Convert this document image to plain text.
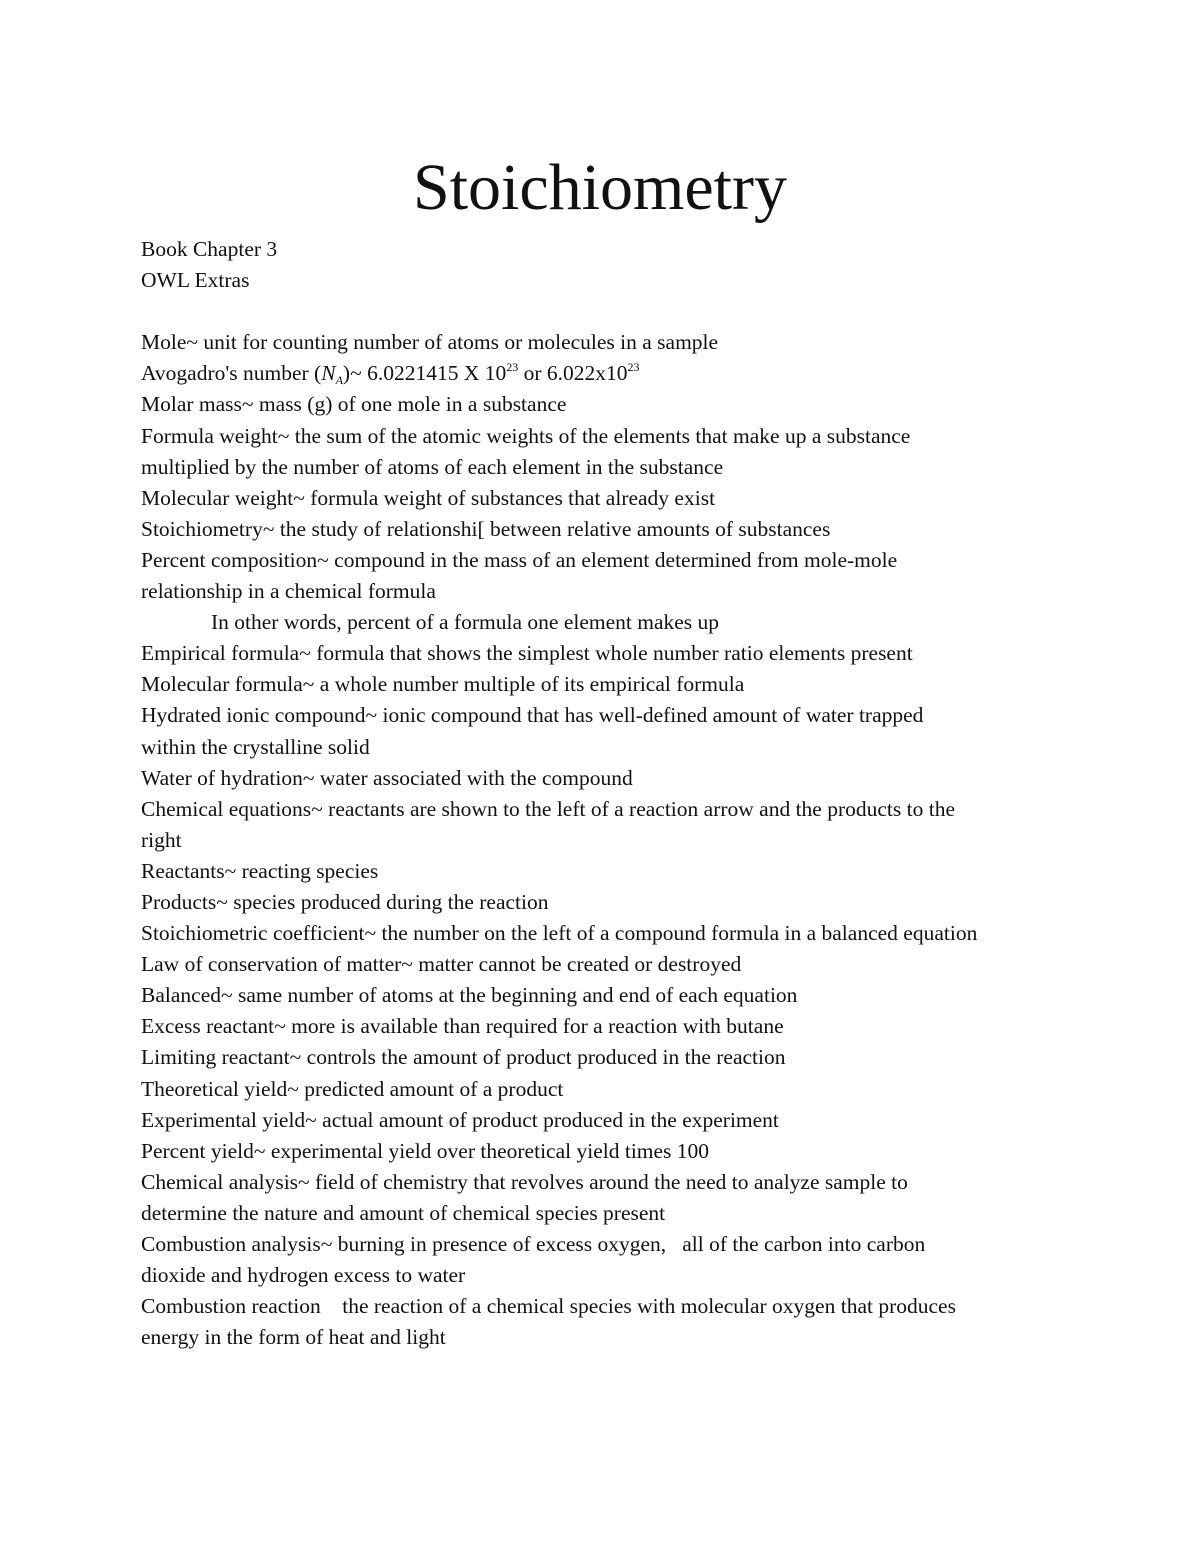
Stoichiometry

Book Chapter 3

OWL Extras

Mole~ unit for counting number of atoms or molecules in a sample

Avogadro's number $(N_A)\sim$ 6.0221415 X $10^{23}$ or $6.022x10^{23}$

Molar mass~ mass (g) of one mole in a substance

Formula weight~ the sum of the atomic weights of the elements that make up a substance

multiplied by the number of atoms of each element in the substance

Molecular weight~ formula weight of substances that already exist

Stoichiometry~ the study of relationshi[ between relative amounts of substances

Percent composition~ compound in the mass of an element determined from mole-mole

relationship in a chemical formula

In other words, percent of a formula one element makes up

Empirical formula~ formula that shows the simplest whole number ratio elements present

Molecular formula~ a whole number multiple of its empirical formula

Hydrated ionic compound~ ionic compound that has well-defined amount of water trapped

within the crystalline solid

Water of hydration~ water associated with the compound

Chemical equations~ reactants are shown to the left of a reaction arrow and the products to the

right

Reactants~ reacting species

Products~ species produced during the reaction

Stoichiometric coefficient~ the number on the left of a compound formula in a balanced equation

Law of conservation of matter~ matter cannot be created or destroyed

Balanced~ same number of atoms at the beginning and end of each equation

Excess reactant~ more is available than required for a reaction with butane

Limiting reactant~ controls the amount of product produced in the reaction

Theoretical yield~ predicted amount of a product

Experimental yield~ actual amount of product produced in the experiment

Percent yield~ experimental yield over theoretical yield times 100

Chemical analysis~ field of chemistry that revolves around the need to analyze sample to

determine the nature and amount of chemical species present

Combustion analysis~ burning in presence of excess oxygen,   all of the carbon into carbon

dioxide and hydrogen excess to water

Combustion reaction    the reaction of a chemical species with molecular oxygen that produces

energy in the form of heat and light
